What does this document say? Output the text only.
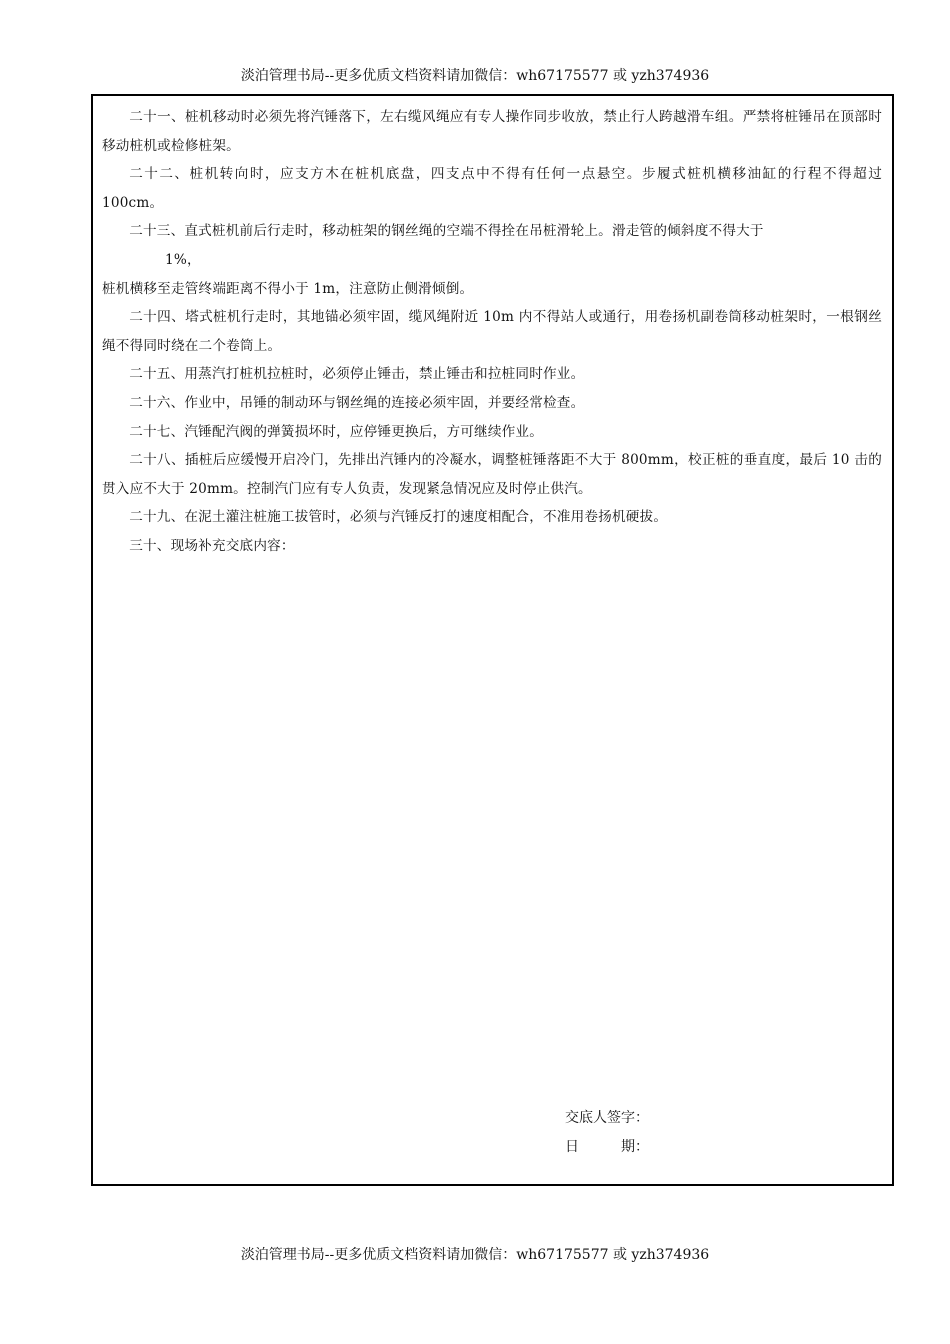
淡泊管理书局--更多优质文档资料请加微信：wh67175577 或 yzh374936

二十一、桩机移动时必须先将汽锤落下，左右缆风绳应有专人操作同步收放，禁止行人跨越滑车组。严禁将桩锤吊在顶部时移动桩机或检修桩架。

二十二、桩机转向时，应支方木在桩机底盘，四支点中不得有任何一点悬空。步履式桩机横移油缸的行程不得超过 100cm。

二十三、直式桩机前后行走时，移动桩架的钢丝绳的空端不得拴在吊桩滑轮上。滑走管的倾斜度不得大于

1%，

桩机横移至走管终端距离不得小于 1m，注意防止侧滑倾倒。

二十四、塔式桩机行走时，其地锚必须牢固，缆风绳附近 10m 内不得站人或通行，用卷扬机副卷筒移动桩架时，一根钢丝绳不得同时绕在二个卷筒上。

二十五、用蒸汽打桩机拉桩时，必须停止锤击，禁止锤击和拉桩同时作业。

二十六、作业中，吊锤的制动环与钢丝绳的连接必须牢固，并要经常检查。

二十七、汽锤配汽阀的弹簧损坏时，应停锤更换后，方可继续作业。

二十八、插桩后应缓慢开启冷门，先排出汽锤内的冷凝水，调整桩锤落距不大于 800mm，校正桩的垂直度，最后 10 击的贯入应不大于 20mm。控制汽门应有专人负责，发现紧急情况应及时停止供汽。

二十九、在泥土灌注桩施工拔管时，必须与汽锤反打的速度相配合，不准用卷扬机硬拔。

三十、现场补充交底内容：

交底人签字：
日　　　期：
淡泊管理书局--更多优质文档资料请加微信：wh67175577 或 yzh374936
